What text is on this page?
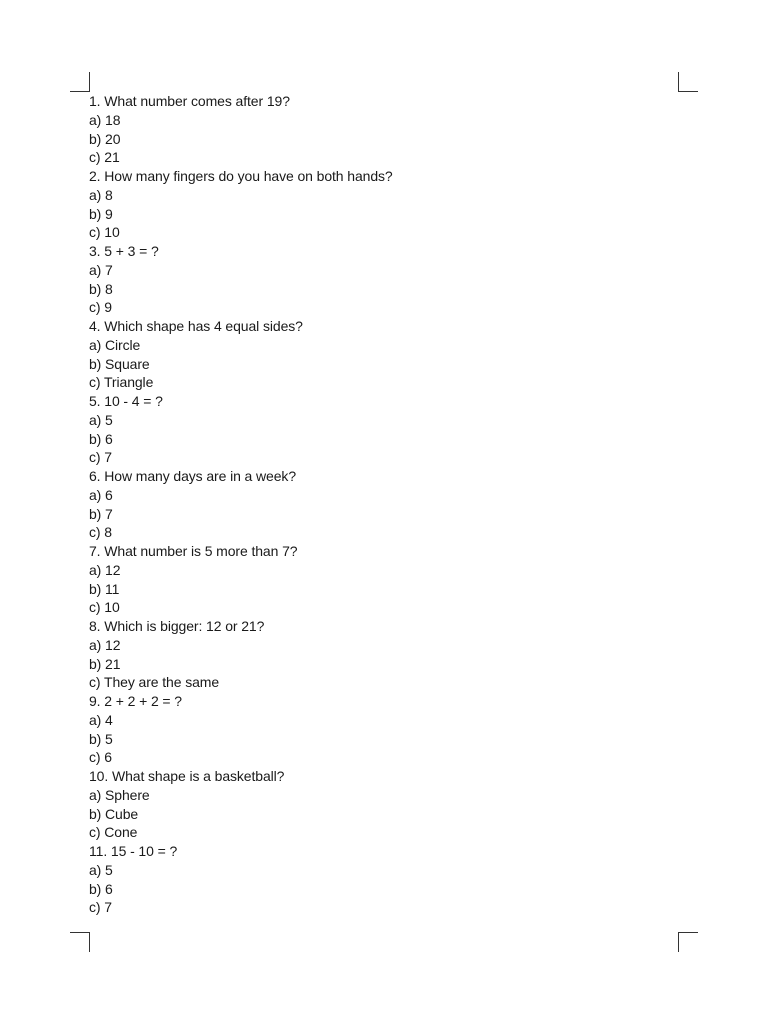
1. What number comes after 19?
a) 18
b) 20
c) 21
2. How many fingers do you have on both hands?
a) 8
b) 9
c) 10
3. 5 + 3 = ?
a) 7
b) 8
c) 9
4. Which shape has 4 equal sides?
a) Circle
b) Square
c) Triangle
5. 10 - 4 = ?
a) 5
b) 6
c) 7
6. How many days are in a week?
a) 6
b) 7
c) 8
7. What number is 5 more than 7?
a) 12
b) 11
c) 10
8. Which is bigger: 12 or 21?
a) 12
b) 21
c) They are the same
9. 2 + 2 + 2 = ?
a) 4
b) 5
c) 6
10. What shape is a basketball?
a) Sphere
b) Cube
c) Cone
11. 15 - 10 = ?
a) 5
b) 6
c) 7
